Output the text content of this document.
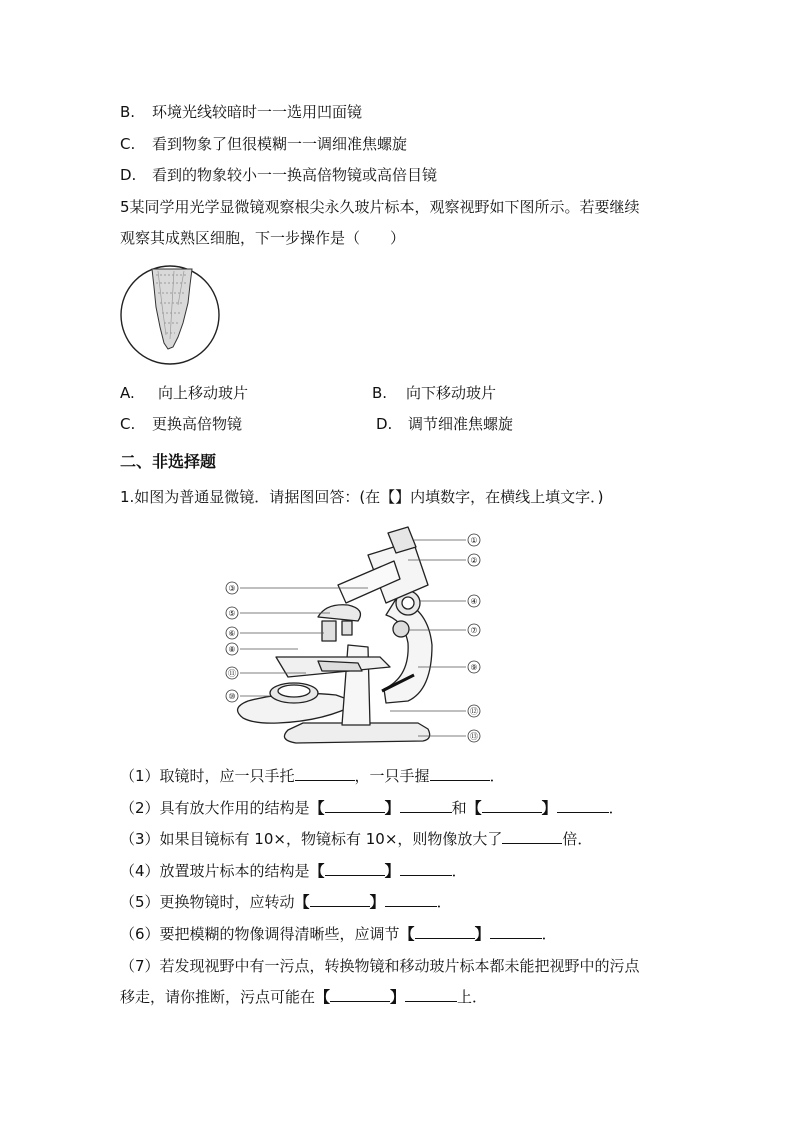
B. 环境光线较暗时一一选用凹面镜
C. 看到物象了但很模糊一一调细准焦螺旋
D. 看到的物象较小一一换高倍物镜或高倍目镜
5某同学用光学显微镜观察根尖永久玻片标本，观察视野如下图所示。若要继续
观察其成熟区细胞，下一步操作是（　　）
A. 向上移动玻片	B. 向下移动玻片
C. 更换高倍物镜	D. 调节细准焦螺旋
二、非选择题
1.如图为普通显微镜．请据图回答：(在【】内填数字，在横线上填文字．)
①
②
③
④
⑤
⑥	⑦
⑧
⑨
⑩
⑪
⑫
⑬
（1）取镜时，应一只手托	，一只手握	．
（2）具有放大作用的结构是【	】	和【	】	．
（3）如果目镜标有 10×，物镜标有 10×，则物像放大了	倍．
（4）放置玻片标本的结构是【	】	．
（5）更换物镜时，应转动【	】	．
（6）要把模糊的物像调得清晰些，应调节【	】	．
（7）若发现视野中有一污点，转换物镜和移动玻片标本都未能把视野中的污点
移走，请你推断，污点可能在【	】	上．
